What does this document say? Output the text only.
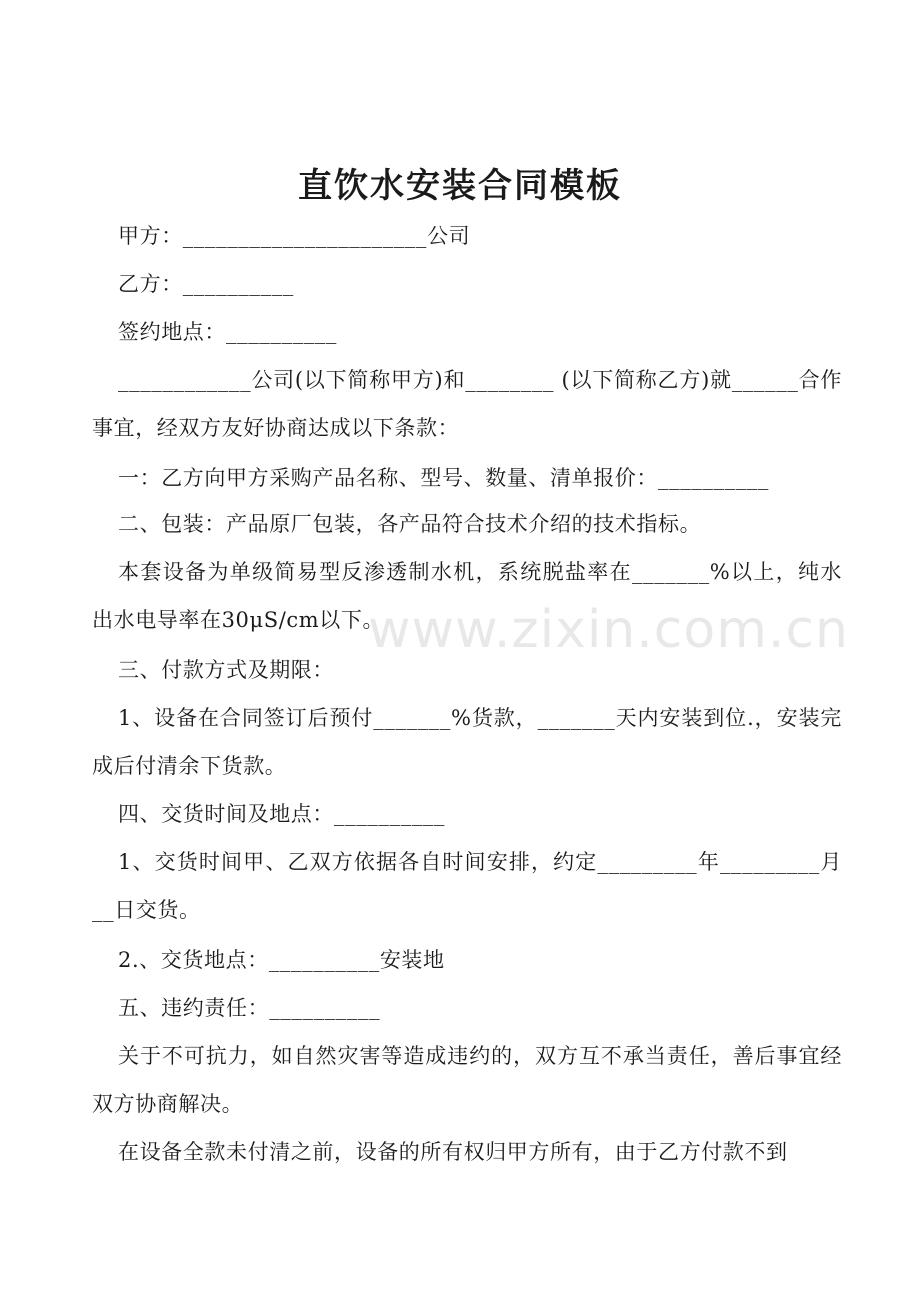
直饮水安装合同模板
甲方：______________________公司
乙方：__________
签约地点：__________
____________公司(以下简称甲方)和________ (以下简称乙方)就______合作事宜，经双方友好协商达成以下条款：
一：乙方向甲方采购产品名称、型号、数量、清单报价：__________
二、包装：产品原厂包装，各产品符合技术介绍的技术指标。
本套设备为单级简易型反渗透制水机，系统脱盐率在_______%以上，纯水出水电导率在30μS/cm以下。
三、付款方式及期限：
1、设备在合同签订后预付_______%货款，_______天内安装到位.，安装完成后付清余下货款。
四、交货时间及地点：__________
1、交货时间甲、乙双方依据各自时间安排，约定_________年_________月__日交货。
2.、交货地点：__________安装地
五、违约责任：__________
关于不可抗力，如自然灾害等造成违约的，双方互不承当责任，善后事宜经双方协商解决。
在设备全款未付清之前，设备的所有权归甲方所有，由于乙方付款不到
www.zixin.com.cn
